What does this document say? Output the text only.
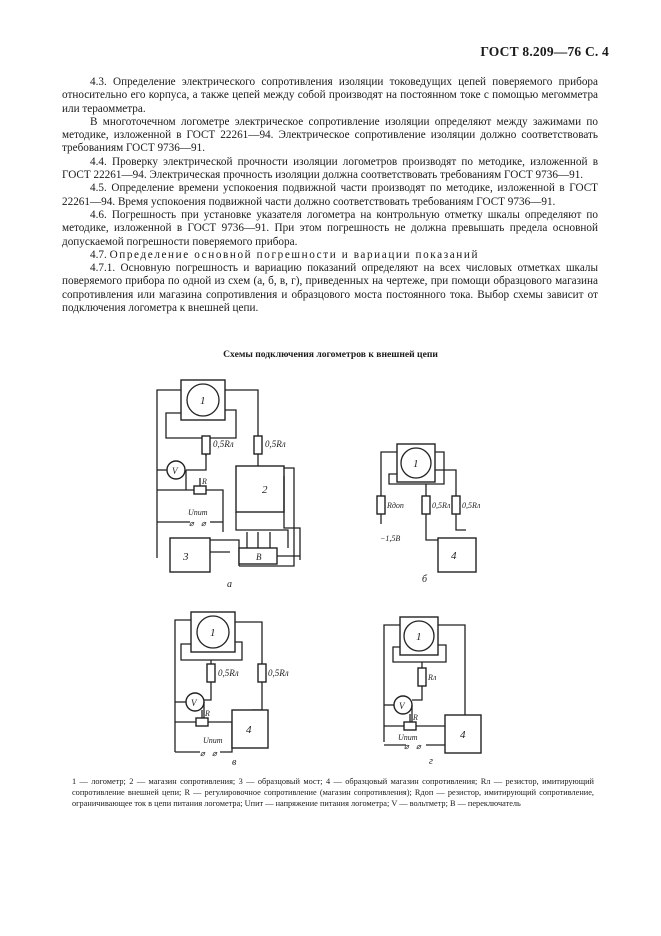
ГОСТ 8.209—76 С. 4

4.3. Определение электрического сопротивления изоляции токоведущих цепей поверяемого прибора относительно его корпуса, а также цепей между собой производят на постоянном токе с помощью мегомметра или тераомметра.

В многоточечном логометре электрическое сопротивление изоляции определяют между зажимами по методике, изложенной в ГОСТ 22261—94. Электрическое сопротивление изоляции должно соответствовать требованиям ГОСТ 9736—91.

4.4. Проверку электрической прочности изоляции логометров производят по методике, изложенной в ГОСТ 22261—94. Электрическая прочность изоляции должна соответствовать требованиям ГОСТ 9736—91.

4.5. Определение времени успокоения подвижной части производят по методике, изложенной в ГОСТ 22261—94. Время успокоения подвижной части должно соответствовать требованиям ГОСТ 9736—91.

4.6. Погрешность при установке указателя логометра на контрольную отметку шкалы определяют по методике, изложенной в ГОСТ 9736—91. При этом погрешность не должна превышать предела основной допускаемой погрешности поверяемого прибора.

4.7. Определение основной погрешности и вариации показаний

4.7.1. Основную погрешность и вариацию показаний определяют на всех числовых отметках шкалы поверяемого прибора по одной из схем (а, б, в, г), приведенных на чертеже, при помощи образцового магазина сопротивления или магазина сопротивления и образцового моста постоянного тока. Выбор схемы зависит от подключения логометра к внешней цепи.

Схемы подключения логометров к внешней цепи
1
0,5Rл	0,5Rл
V
R
Uпит
⌀ ⌀
2
3	B
а
1
Rдоп	0,5Rл 0,5Rл
−1,5В
4
б
1
0,5Rл	0,5Rл
V
R
Uпит
⌀ ⌀
4
в
1
Rл
V
R
Uпит
⌀ ⌀
4
г
1 — логометр; 2 — магазин сопротивления; 3 — образцовый мост; 4 — образцовый магазин сопротивления; Rл — резистор, имитирующий сопротивление внешней цепи; R — регулировочное сопротивление (магазин сопротивления); Rдоп — резистор, имитирующий сопротивление, ограничивающее ток в цепи питания логометра; Uпит — напряжение питания логометра; V — вольтметр; B — переключатель
